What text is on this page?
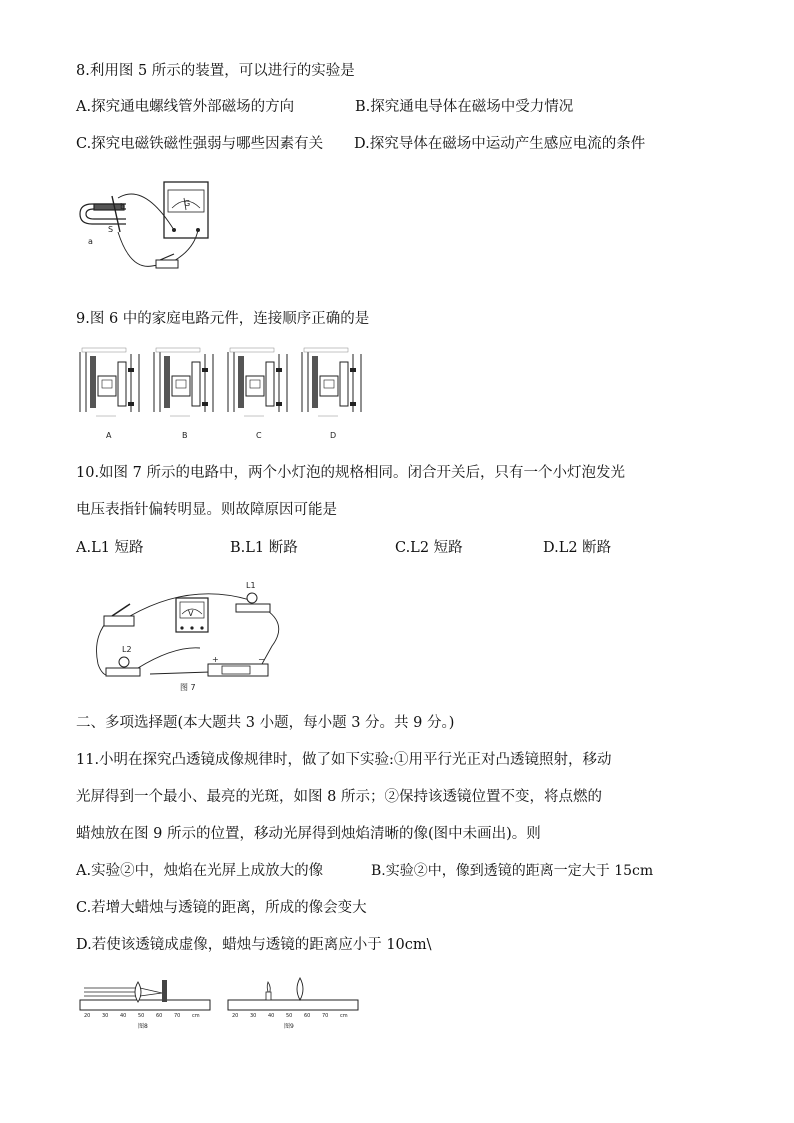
8.利用图 5 所示的装置，可以进行的实验是
A.探究通电螺线管外部磁场的方向	B.探究通电导体在磁场中受力情况
C.探究电磁铁磁性强弱与哪些因素有关 D.探究导体在磁场中运动产生感应电流的条件
b
a
S
G
9.图 6 中的家庭电路元件，连接顺序正确的是
A	B	C	D
10.如图 7 所示的电路中，两个小灯泡的规格相同。闭合开关后，只有一个小灯泡发光
电压表指针偏转明显。则故障原因可能是
A.L1 短路	B.L1 断路	C.L2 短路	D.L2 断路
V
L1
L2
+	−
图 7
二、多项选择题(本大题共 3 小题，每小题 3 分。共 9 分。)
11.小明在探究凸透镜成像规律时，做了如下实验:①用平行光正对凸透镜照射，移动
光屏得到一个最小、最亮的光斑，如图 8 所示；②保持该透镜位置不变，将点燃的
蜡烛放在图 9 所示的位置，移动光屏得到烛焰清晰的像(图中未画出)。则
A.实验②中，烛焰在光屏上成放大的像	B.实验②中，像到透镜的距离一定大于 15cm
C.若增大蜡烛与透镜的距离，所成的像会变大
D.若使该透镜成虚像，蜡烛与透镜的距离应小于 10cm\
20 30 40 50 60 70 cm
图8
20 30 40 50 60 70 cm
图9
